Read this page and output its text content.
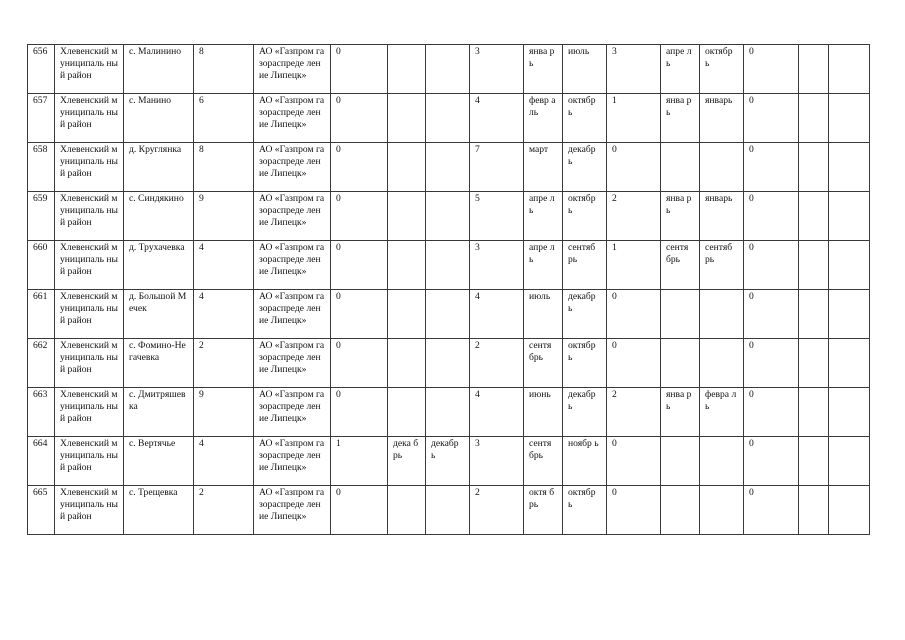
656	Хлевенский муниципаль ный район	с. Малинино	8	АО «Газпром газораспреде ление Липецк»	0			3	янва рь	июль	3	апре ль	октябр ь	0		
657	Хлевенский муниципаль ный район	с. Манино	6	АО «Газпром газораспреде ление Липецк»	0			4	февр аль	октябр ь	1	янва рь	январь	0		
658	Хлевенский муниципаль ный район	д. Круглянка	8	АО «Газпром газораспреде ление Липецк»	0			7	март	декабр ь	0			0		
659	Хлевенский муниципаль ный район	с. Синдякино	9	АО «Газпром газораспреде ление Липецк»	0			5	апре ль	октябр ь	2	янва рь	январь	0		
660	Хлевенский муниципаль ный район	д. Трухачевка	4	АО «Газпром газораспреде ление Липецк»	0			3	апре ль	сентяб рь	1	сентя брь	сентяб рь	0		
661	Хлевенский муниципаль ный район	д. Большой Мечек	4	АО «Газпром газораспреде ление Липецк»	0			4	июль	декабр ь	0			0		
662	Хлевенский муниципаль ный район	с. Фомино-Негачевка	2	АО «Газпром газораспреде ление Липецк»	0			2	сентя брь	октябр ь	0			0		
663	Хлевенский муниципаль ный район	с. Дмитряшев ка	9	АО «Газпром газораспреде ление Липецк»	0			4	июнь	декабр ь	2	янва рь	февра ль	0		
664	Хлевенский муниципаль ный район	с. Вертячье	4	АО «Газпром газораспреде ление Липецк»	1	дека брь	декабр ь	3	сентя брь	ноябр ь	0			0		
665	Хлевенский муниципаль ный район	с. Трещевка	2	АО «Газпром газораспреде ление Липецк»	0			2	октя брь	октябр ь	0			0		
